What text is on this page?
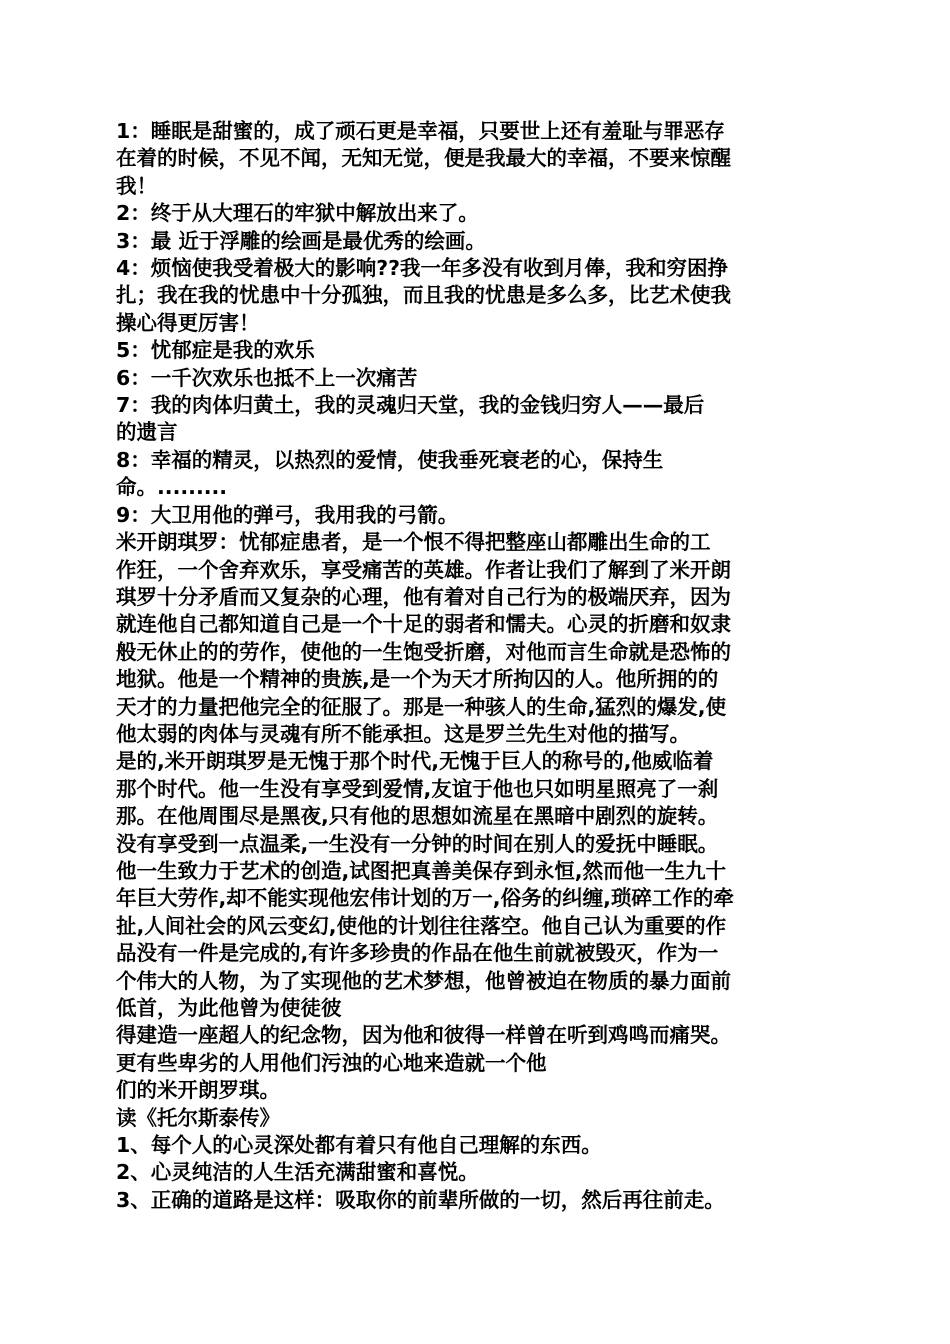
1：睡眠是甜蜜的，成了顽石更是幸福，只要世上还有羞耻与罪恶存

在着的时候，不见不闻，无知无觉，便是我最大的幸福，不要来惊醒

我！

2：终于从大理石的牢狱中解放出来了。

3：最 近于浮雕的绘画是最优秀的绘画。

4：烦恼使我受着极大的影响??我一年多没有收到月俸，我和穷困挣

扎；我在我的忧患中十分孤独，而且我的忧患是多么多，比艺术使我

操心得更厉害！

5：忧郁症是我的欢乐

6：一千次欢乐也抵不上一次痛苦

7：我的肉体归黄土，我的灵魂归天堂，我的金钱归穷人——最后

的遗言

8：幸福的精灵，以热烈的爱情，使我垂死衰老的心，保持生

命。.........

9：大卫用他的弹弓，我用我的弓箭。

米开朗琪罗：忧郁症患者，是一个恨不得把整座山都雕出生命的工

作狂，一个舍弃欢乐，享受痛苦的英雄。作者让我们了解到了米开朗

琪罗十分矛盾而又复杂的心理，他有着对自己行为的极端厌弃，因为

就连他自己都知道自己是一个十足的弱者和懦夫。心灵的折磨和奴隶

般无休止的的劳作，使他的一生饱受折磨，对他而言生命就是恐怖的

地狱。他是一个精神的贵族,是一个为天才所拘囚的人。他所拥的的

天才的力量把他完全的征服了。那是一种骇人的生命,猛烈的爆发,使

他太弱的肉体与灵魂有所不能承担。这是罗兰先生对他的描写。

是的,米开朗琪罗是无愧于那个时代,无愧于巨人的称号的,他威临着

那个时代。他一生没有享受到爱情,友谊于他也只如明星照亮了一刹

那。在他周围尽是黑夜,只有他的思想如流星在黑暗中剧烈的旋转。

没有享受到一点温柔,一生没有一分钟的时间在别人的爱抚中睡眠。

他一生致力于艺术的创造,试图把真善美保存到永恒,然而他一生九十

年巨大劳作,却不能实现他宏伟计划的万一,俗务的纠缠,琐碎工作的牵

扯,人间社会的风云变幻,使他的计划往往落空。他自己认为重要的作

品没有一件是完成的,有许多珍贵的作品在他生前就被毁灭，作为一

个伟大的人物，为了实现他的艺术梦想，他曾被迫在物质的暴力面前

低首，为此他曾为使徒彼

得建造一座超人的纪念物，因为他和彼得一样曾在听到鸡鸣而痛哭。

更有些卑劣的人用他们污浊的心地来造就一个他

们的米开朗罗琪。

读《托尔斯泰传》

1、每个人的心灵深处都有着只有他自己理解的东西。

2、心灵纯洁的人生活充满甜蜜和喜悦。

3、正确的道路是这样：吸取你的前辈所做的一切，然后再往前走。
